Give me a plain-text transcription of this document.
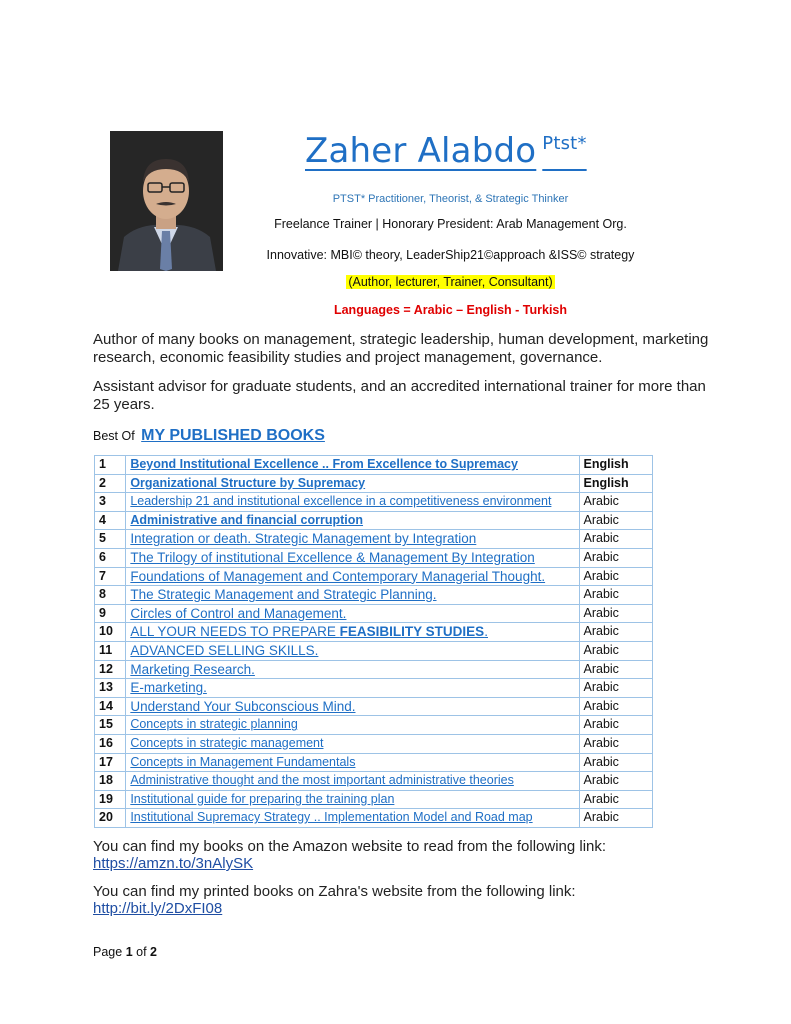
Zaher Alabdo $^{Ptst*}$
PTST* Practitioner, Theorist, & Strategic Thinker
Freelance Trainer | Honorary President: Arab Management Org.
Innovative: MBI© theory, LeaderShip21©approach &ISS© strategy
(Author, lecturer, Trainer, Consultant)
Languages = Arabic – English - Turkish
Author of many books on management, strategic leadership, human development, marketing research, economic feasibility studies and project management, governance.
Assistant advisor for graduate students, and an accredited international trainer for more than 25 years.
Best Of MY PUBLISHED BOOKS
1	Beyond Institutional Excellence .. From Excellence to Supremacy	English
2	Organizational Structure by Supremacy	English
3	Leadership 21 and institutional excellence in a competitiveness environment	Arabic
4	Administrative and financial corruption	Arabic
5	Integration or death. Strategic Management by Integration	Arabic
6	The Trilogy of institutional Excellence & Management By Integration	Arabic
7	Foundations of Management and Contemporary Managerial Thought.	Arabic
8	The Strategic Management and Strategic Planning.	Arabic
9	Circles of Control and Management.	Arabic
10	ALL YOUR NEEDS TO PREPARE FEASIBILITY STUDIES.	Arabic
11	ADVANCED SELLING SKILLS.	Arabic
12	Marketing Research.	Arabic
13	E-marketing.	Arabic
14	Understand Your Subconscious Mind.	Arabic
15	Concepts in strategic planning	Arabic
16	Concepts in strategic management	Arabic
17	Concepts in Management Fundamentals	Arabic
18	Administrative thought and the most important administrative theories	Arabic
19	Institutional guide for preparing the training plan	Arabic
20	Institutional Supremacy Strategy .. Implementation Model and Road map	Arabic
You can find my books on the Amazon website to read from the following link:
https://amzn.to/3nAlySK
You can find my printed books on Zahra's website from the following link:
http://bit.ly/2DxFI08
Page 1 of 2
